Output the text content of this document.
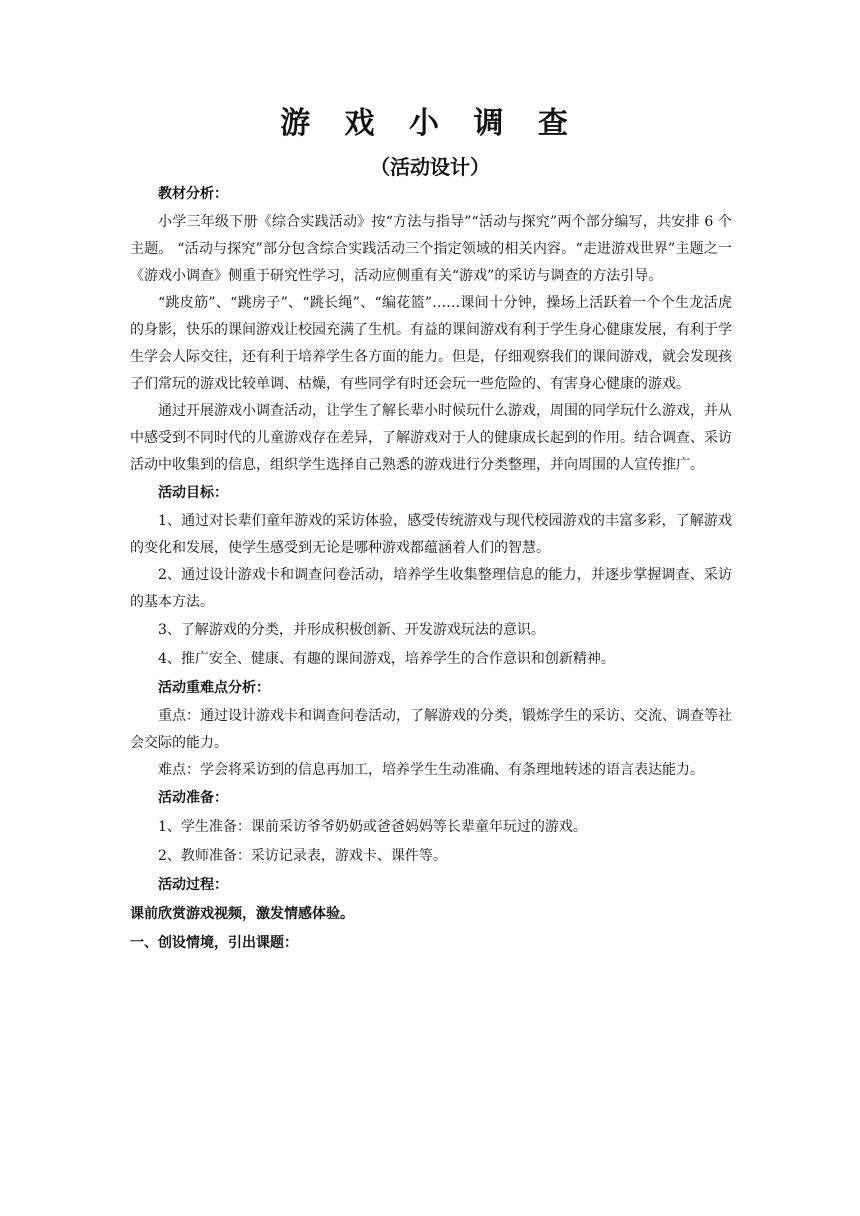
游 戏 小 调 查
（活动设计）

教材分析：

小学三年级下册《综合实践活动》按“方法与指导”“活动与探究”两个部分编写，共安排 6 个主题。 “活动与探究”部分包含综合实践活动三个指定领域的相关内容。“走进游戏世界”主题之一《游戏小调查》侧重于研究性学习，活动应侧重有关“游戏”的采访与调查的方法引导。

“跳皮筋”、“跳房子”、“跳长绳”、“编花篮”……课间十分钟，操场上活跃着一个个生龙活虎的身影，快乐的课间游戏让校园充满了生机。有益的课间游戏有利于学生身心健康发展，有利于学生学会人际交往，还有利于培养学生各方面的能力。但是，仔细观察我们的课间游戏，就会发现孩子们常玩的游戏比较单调、枯燥，有些同学有时还会玩一些危险的、有害身心健康的游戏。

通过开展游戏小调查活动，让学生了解长辈小时候玩什么游戏，周围的同学玩什么游戏，并从中感受到不同时代的儿童游戏存在差异，了解游戏对于人的健康成长起到的作用。结合调查、采访活动中收集到的信息，组织学生选择自己熟悉的游戏进行分类整理，并向周围的人宣传推广。

活动目标：

1、通过对长辈们童年游戏的采访体验，感受传统游戏与现代校园游戏的丰富多彩，了解游戏的变化和发展，使学生感受到无论是哪种游戏都蕴涵着人们的智慧。

2、通过设计游戏卡和调查问卷活动，培养学生收集整理信息的能力，并逐步掌握调查、采访的基本方法。

3、了解游戏的分类，并形成积极创新、开发游戏玩法的意识。

4、推广安全、健康、有趣的课间游戏，培养学生的合作意识和创新精神。

活动重难点分析：

重点：通过设计游戏卡和调查问卷活动，了解游戏的分类，锻炼学生的采访、交流、调查等社会交际的能力。

难点：学会将采访到的信息再加工，培养学生生动准确、有条理地转述的语言表达能力。

活动准备：

1、学生准备：课前采访爷爷奶奶或爸爸妈妈等长辈童年玩过的游戏。

2、教师准备：采访记录表，游戏卡、课件等。

活动过程：

课前欣赏游戏视频，激发情感体验。

一、创设情境，引出课题：
